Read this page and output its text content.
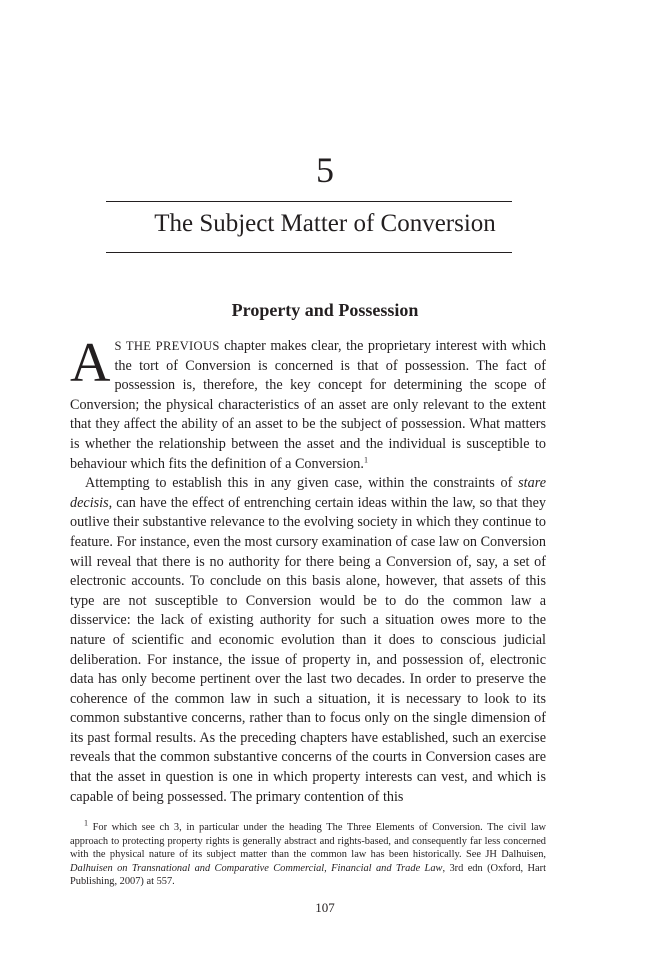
5
The Subject Matter of Conversion
Property and Possession

A S THE PREVIOUS chapter makes clear, the proprietary interest with which the tort of Conversion is concerned is that of possession. The fact of possession is, therefore, the key concept for determining the scope of Conversion; the physical characteristics of an asset are only relevant to the extent that they affect the ability of an asset to be the subject of possession. What matters is whether the relationship between the asset and the individual is susceptible to behaviour which fits the definition of a Conversion.$^1$

Attempting to establish this in any given case, within the constraints of stare decisis, can have the effect of entrenching certain ideas within the law, so that they outlive their substantive relevance to the evolving society in which they continue to feature. For instance, even the most cursory examination of case law on Conversion will reveal that there is no authority for there being a Conversion of, say, a set of electronic accounts. To conclude on this basis alone, however, that assets of this type are not susceptible to Conversion would be to do the common law a disservice: the lack of existing authority for such a situation owes more to the nature of scientific and economic evolution than it does to conscious judicial deliberation. For instance, the issue of property in, and possession of, electronic data has only become pertinent over the last two decades. In order to preserve the coherence of the common law in such a situation, it is necessary to look to its common substantive concerns, rather than to focus only on the single dimension of its past formal results. As the preceding chapters have established, such an exercise reveals that the common substantive concerns of the courts in Conversion cases are that the asset in question is one in which property interests can vest, and which is capable of being possessed. The primary contention of this

$^1$ For which see ch 3, in particular under the heading The Three Elements of Conversion. The civil law approach to protecting property rights is generally abstract and rights-based, and consequently far less concerned with the physical nature of its subject matter than the common law has been historically. See JH Dalhuisen, Dalhuisen on Transnational and Comparative Commercial, Financial and Trade Law, 3rd edn (Oxford, Hart Publishing, 2007) at 557.

107
